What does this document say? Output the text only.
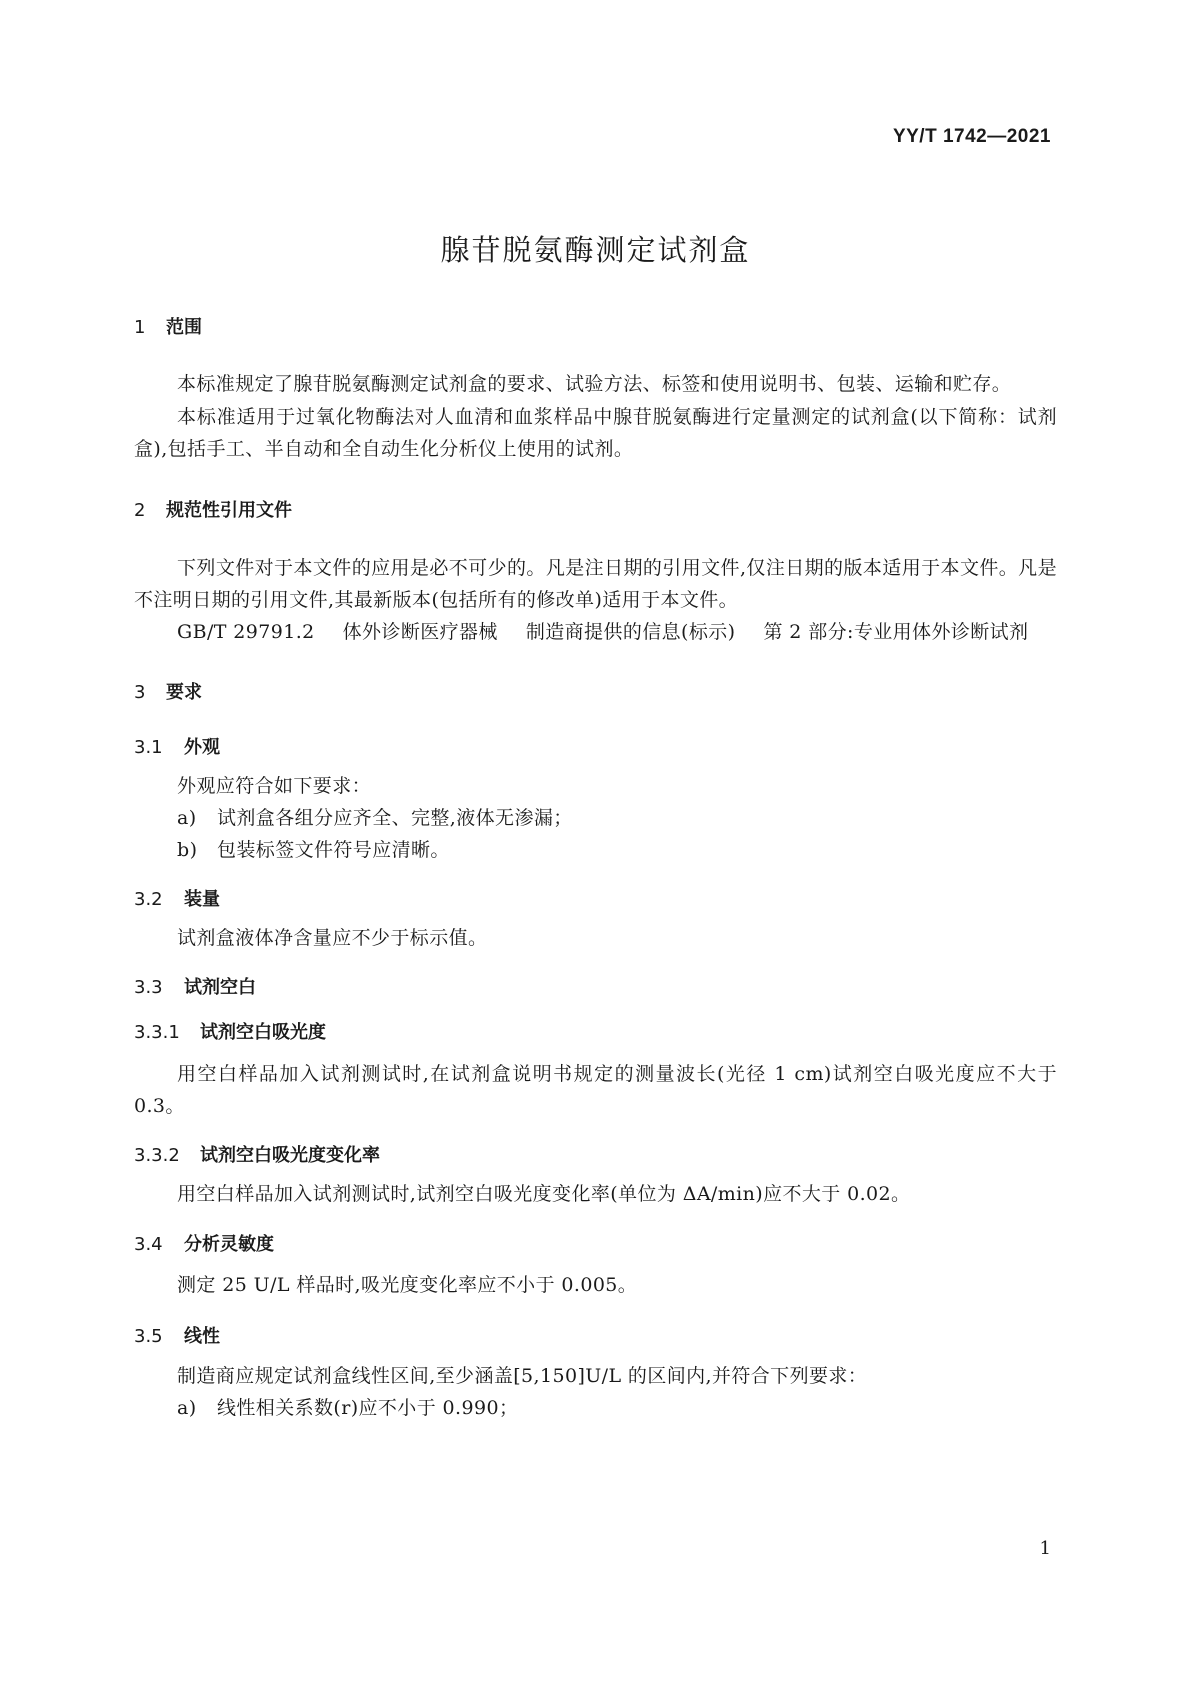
YY/T 1742—2021
腺苷脱氨酶测定试剂盒
1 范围
本标准规定了腺苷脱氨酶测定试剂盒的要求、试验方法、标签和使用说明书、包装、运输和贮存。
本标准适用于过氧化物酶法对人血清和血浆样品中腺苷脱氨酶进行定量测定的试剂盒(以下简称：试剂盒),包括手工、半自动和全自动生化分析仪上使用的试剂。
2 规范性引用文件
下列文件对于本文件的应用是必不可少的。凡是注日期的引用文件,仅注日期的版本适用于本文件。凡是不注明日期的引用文件,其最新版本(包括所有的修改单)适用于本文件。
GB/T 29791.2 体外诊断医疗器械 制造商提供的信息(标示) 第 2 部分:专业用体外诊断试剂
3 要求
3.1 外观
外观应符合如下要求：
a) 试剂盒各组分应齐全、完整,液体无渗漏；
b) 包装标签文件符号应清晰。
3.2 装量
试剂盒液体净含量应不少于标示值。
3.3 试剂空白
3.3.1 试剂空白吸光度
用空白样品加入试剂测试时,在试剂盒说明书规定的测量波长(光径 1 cm)试剂空白吸光度应不大于 0.3。
3.3.2 试剂空白吸光度变化率
用空白样品加入试剂测试时,试剂空白吸光度变化率(单位为 ΔA/min)应不大于 0.02。
3.4 分析灵敏度
测定 25 U/L 样品时,吸光度变化率应不小于 0.005。
3.5 线性
制造商应规定试剂盒线性区间,至少涵盖[5,150]U/L 的区间内,并符合下列要求：
a) 线性相关系数(r)应不小于 0.990；
1
